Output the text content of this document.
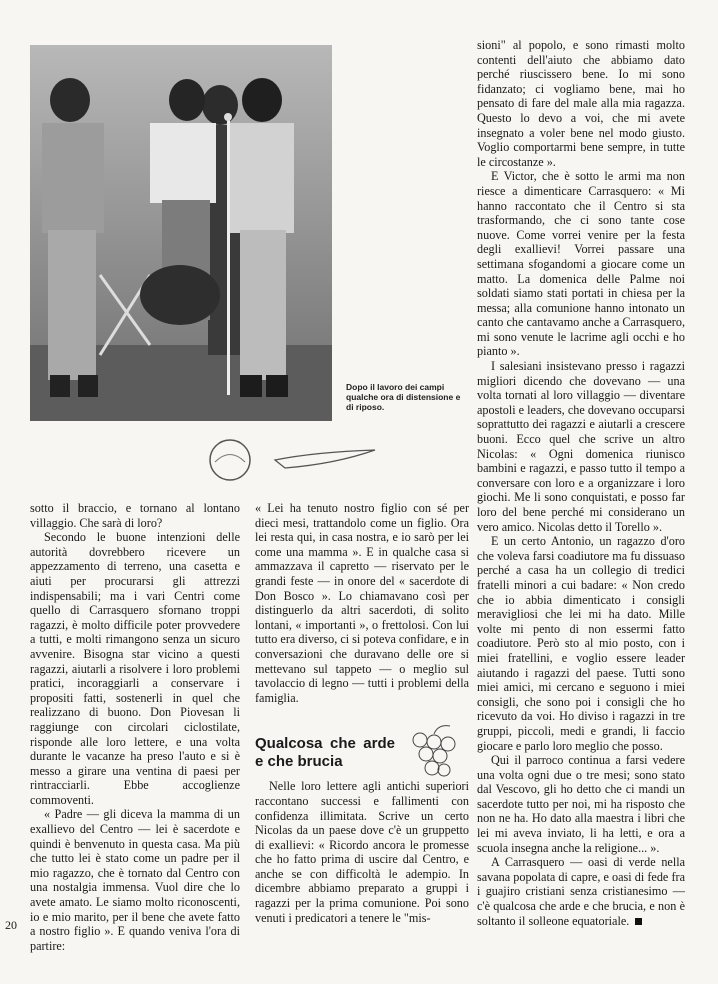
Dopo il lavoro dei campi qualche ora di distensione e di riposo.

sotto il braccio, e tornano al lontano villaggio. Che sarà di loro?

Secondo le buone intenzioni delle autorità dovrebbero ricevere un appezzamento di terreno, una casetta e aiuti per procurarsi gli attrezzi indispensabili; ma i vari Centri come quello di Carrasquero sfornano troppi ragazzi, è molto difficile poter provvedere a tutti, e molti rimangono senza un sicuro avvenire. Bisogna star vicino a questi ragazzi, aiutarli a risolvere i loro problemi pratici, incoraggiarli a conservare i propositi fatti, sostenerli in quel che realizzano di buono. Don Piovesan li raggiunge con circolari ciclostilate, risponde alle loro lettere, e una volta durante le vacanze ha preso l'auto e si è messo a girare una ventina di paesi per rintracciarli. Ebbe accoglienze commoventi.

« Padre — gli diceva la mamma di un exallievo del Centro — lei è sacerdote e quindi è benvenuto in questa casa. Ma più che tutto lei è stato come un padre per il mio ragazzo, che è tornato dal Centro con una nostalgia immensa. Vuol dire che lo avete amato. Le siamo molto riconoscenti, io e mio marito, per il bene che avete fatto a nostro figlio ». E quando veniva l'ora di partire:

« Lei ha tenuto nostro figlio con sé per dieci mesi, trattandolo come un figlio. Ora lei resta qui, in casa nostra, e io sarò per lei come una mamma ». E in qualche casa si ammazzava il capretto — riservato per le grandi feste — in onore del « sacerdote di Don Bosco ». Lo chiamavano così per distinguerlo da altri sacerdoti, di solito lontani, « importanti », o frettolosi. Con lui tutto era diverso, ci si poteva confidare, e in conversazioni che duravano delle ore si mettevano sul tappeto — o meglio sul tavolaccio di legno — tutti i problemi della famiglia.

Qualcosa che arde e che brucia

Nelle loro lettere agli antichi superiori raccontano successi e fallimenti con confidenza illimitata. Scrive un certo Nicolas da un paese dove c'è un gruppetto di exallievi: « Ricordo ancora le promesse che ho fatto prima di uscire dal Centro, e anche se con difficoltà le adempio. In dicembre abbiamo preparato a gruppi i ragazzi per la prima comunione. Poi sono venuti i predicatori a tenere le "mis-

sioni" al popolo, e sono rimasti molto contenti dell'aiuto che abbiamo dato perché riuscissero bene. Io mi sono fidanzato; ci vogliamo bene, mai ho pensato di fare del male alla mia ragazza. Questo lo devo a voi, che mi avete insegnato a voler bene nel modo giusto. Voglio comportarmi bene sempre, in tutte le circostanze ».

E Victor, che è sotto le armi ma non riesce a dimenticare Carrasquero: « Mi hanno raccontato che il Centro si sta trasformando, che ci sono tante cose nuove. Come vorrei venire per la festa degli exallievi! Vorrei passare una settimana sfogandomi a giocare come un matto. La domenica delle Palme noi soldati siamo stati portati in chiesa per la messa; alla comunione hanno intonato un canto che cantavamo anche a Carrasquero, mi sono venute le lacrime agli occhi e ho pianto ».

I salesiani insistevano presso i ragazzi migliori dicendo che dovevano — una volta tornati al loro villaggio — diventare apostoli e leaders, che dovevano occuparsi soprattutto dei ragazzi e aiutarli a crescere buoni. Ecco quel che scrive un altro Nicolas: « Ogni domenica riunisco bambini e ragazzi, e passo tutto il tempo a conversare con loro e a organizzare i loro giochi. Me li sono conquistati, e posso far loro del bene perché mi considerano un vero amico. Nicolas detto il Torello ».

E un certo Antonio, un ragazzo d'oro che voleva farsi coadiutore ma fu dissuaso perché a casa ha un collegio di tredici fratelli minori a cui badare: « Non credo che io abbia dimenticato i consigli meravigliosi che lei mi ha dato. Mille volte mi pento di non essermi fatto coadiutore. Però sto al mio posto, con i miei fratellini, e voglio essere leader aiutando i ragazzi del paese. Tutti sono miei amici, mi cercano e seguono i miei consigli, che sono poi i consigli che ho ricevuto da voi. Ho diviso i ragazzi in tre gruppi, piccoli, medi e grandi, li faccio giocare e parlo loro meglio che posso.

Qui il parroco continua a farsi vedere una volta ogni due o tre mesi; sono stato dal Vescovo, gli ho detto che ci mandi un sacerdote tutto per noi, mi ha risposto che non ne ha. Ho dato alla maestra i libri che lei mi aveva inviato, li ha letti, e ora a scuola insegna anche la religione... ».

A Carrasquero — oasi di verde nella savana popolata di capre, e oasi di fede fra i guajiro cristiani senza cristianesimo — c'è qualcosa che arde e che brucia, e non è soltanto il solleone equatoriale.

20
